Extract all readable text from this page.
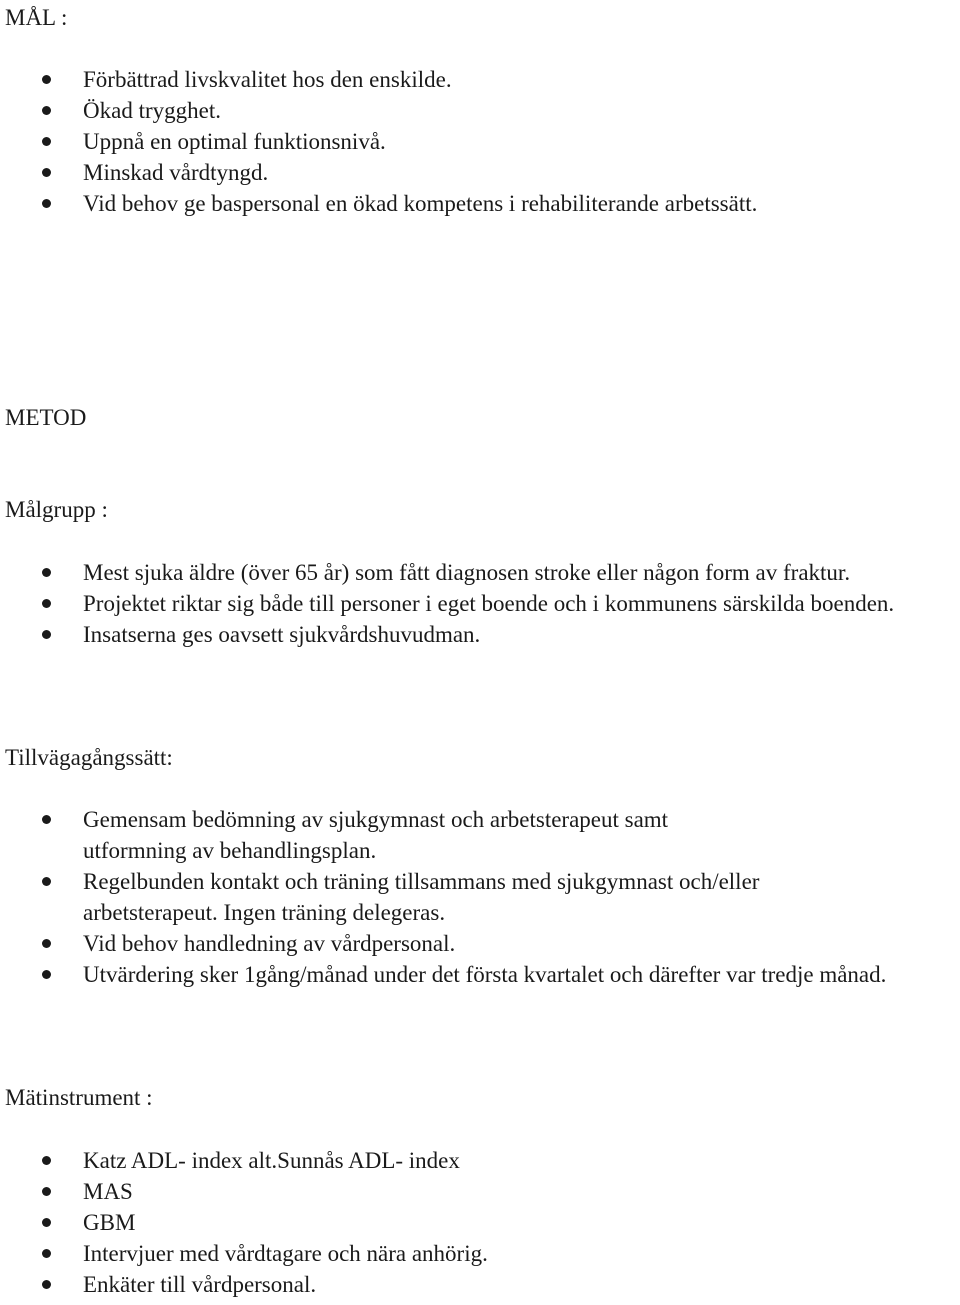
MÅL :
Förbättrad livskvalitet hos den enskilde.
Ökad trygghet.
Uppnå en optimal funktionsnivå.
Minskad vårdtyngd.
Vid behov ge baspersonal en ökad kompetens i rehabiliterande arbetssätt.
METOD
Målgrupp :
Mest sjuka äldre (över 65 år) som fått diagnosen stroke eller någon form av fraktur.
Projektet riktar sig både till personer i eget boende och i kommunens särskilda boenden.
Insatserna ges oavsett sjukvårdshuvudman.
Tillvägagångssätt:
Gemensam bedömning av sjukgymnast och arbetsterapeut samt utformning av behandlingsplan.
Regelbunden kontakt och träning tillsammans med sjukgymnast och/eller arbetsterapeut. Ingen träning delegeras.
Vid behov handledning av vårdpersonal.
Utvärdering sker 1gång/månad under det första kvartalet och därefter var tredje månad.
Mätinstrument :
Katz ADL- index alt.Sunnås ADL- index
MAS
GBM
Intervjuer med vårdtagare och nära anhörig.
Enkäter till vårdpersonal.
